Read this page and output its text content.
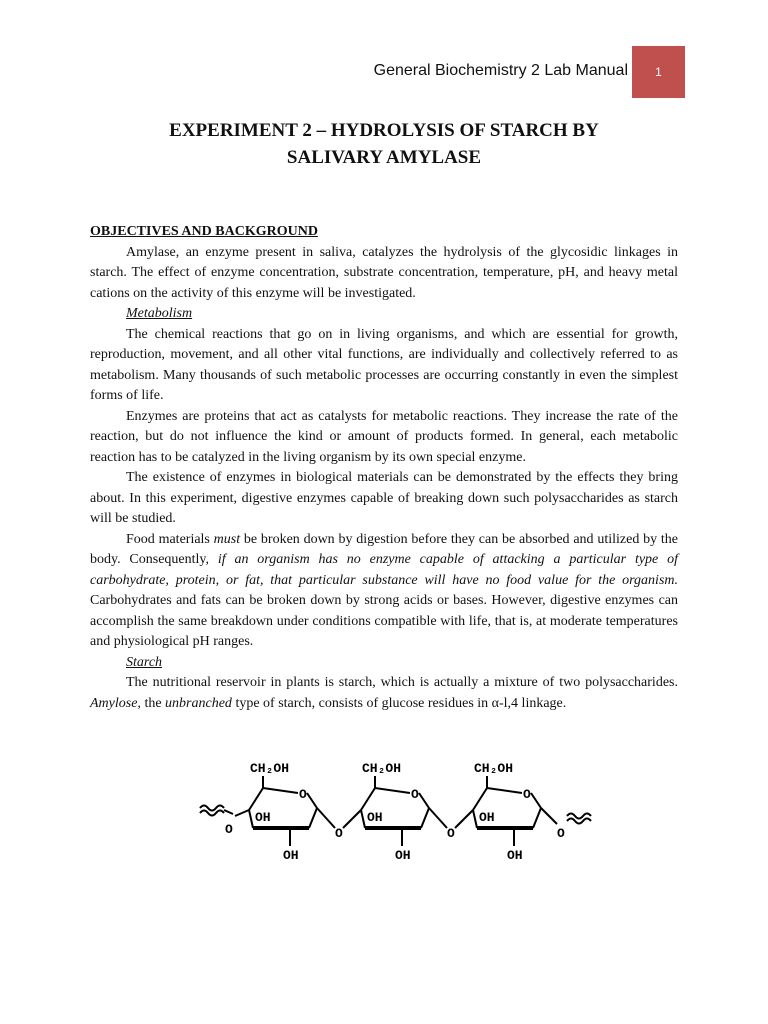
General Biochemistry 2 Lab Manual 1
EXPERIMENT 2 – HYDROLYSIS OF STARCH BY
SALIVARY AMYLASE

OBJECTIVES AND BACKGROUND

Amylase, an enzyme present in saliva, catalyzes the hydrolysis of the glycosidic linkages in starch. The effect of enzyme concentration, substrate concentration, temperature, pH, and heavy metal cations on the activity of this enzyme will be investigated.

Metabolism

The chemical reactions that go on in living organisms, and which are essential for growth, reproduction, movement, and all other vital functions, are individually and collectively referred to as metabolism. Many thousands of such metabolic processes are occurring constantly in even the simplest forms of life.

Enzymes are proteins that act as catalysts for metabolic reactions. They increase the rate of the reaction, but do not influence the kind or amount of products formed. In general, each metabolic reaction has to be catalyzed in the living organism by its own special enzyme.

The existence of enzymes in biological materials can be demonstrated by the effects they bring about. In this experiment, digestive enzymes capable of breaking down such polysaccharides as starch will be studied.

Food materials must be broken down by digestion before they can be absorbed and utilized by the body. Consequently, if an organism has no enzyme capable of attacking a particular type of carbohydrate, protein, or fat, that particular substance will have no food value for the organism. Carbohydrates and fats can be broken down by strong acids or bases. However, digestive enzymes can accomplish the same breakdown under conditions compatible with life, that is, at moderate temperatures and physiological pH ranges.

Starch

The nutritional reservoir in plants is starch, which is actually a mixture of two polysaccharides. Amylose, the unbranched type of starch, consists of glucose residues in α-l,4 linkage.

CH₂OH	CH₂OH	CH₂OH
O	O	O
OH	OH	OH
OH	OH	OH
O	O	O	O
